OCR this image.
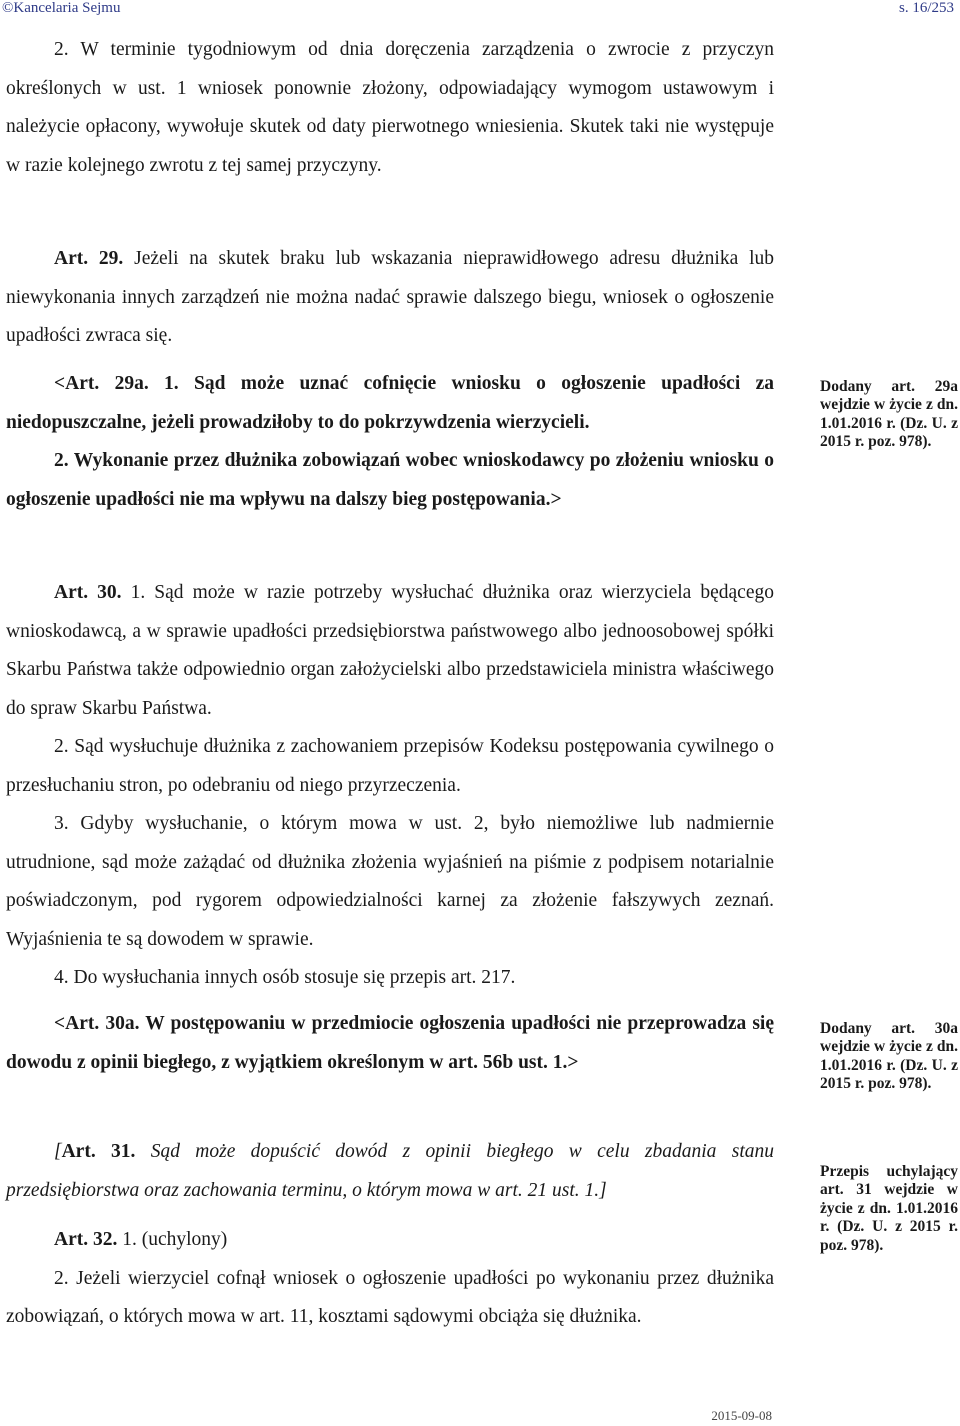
© Kancelaria Sejmu
s.	16/253

2. W terminie tygodniowym od dnia doręczenia zarządzenia o zwrocie z przyczyn określonych w ust. 1 wniosek ponownie złożony, odpowiadający wymogom ustawowym i należycie opłacony, wywołuje skutek od daty pierwotnego wniesienia. Skutek taki nie występuje w razie kolejnego zwrotu z tej samej przyczyny.

Art. 29. Jeżeli na skutek braku lub wskazania nieprawidłowego adresu dłużnika lub niewykonania innych zarządzeń nie można nadać sprawie dalszego biegu, wniosek o ogłoszenie upadłości zwraca się.

<Art. 29a. 1. Sąd może uznać cofnięcie wniosku o ogłoszenie upadłości za niedopuszczalne, jeżeli prowadziłoby to do pokrzywdzenia wierzycieli.

2. Wykonanie przez dłużnika zobowiązań wobec wnioskodawcy po złożeniu wniosku o ogłoszenie upadłości nie ma wpływu na dalszy bieg postępowania.>

Art. 30. 1. Sąd może w razie potrzeby wysłuchać dłużnika oraz wierzyciela będącego wnioskodawcą, a w sprawie upadłości przedsiębiorstwa państwowego albo jednoosobowej spółki Skarbu Państwa także odpowiednio organ założycielski albo przedstawiciela ministra właściwego do spraw Skarbu Państwa.

2. Sąd wysłuchuje dłużnika z zachowaniem przepisów Kodeksu postępowania cywilnego o przesłuchaniu stron, po odebraniu od niego przyrzeczenia.

3. Gdyby wysłuchanie, o którym mowa w ust. 2, było niemożliwe lub nadmiernie utrudnione, sąd może zażądać od dłużnika złożenia wyjaśnień na piśmie z podpisem notarialnie poświadczonym, pod rygorem odpowiedzialności karnej za złożenie fałszywych zeznań. Wyjaśnienia te są dowodem w sprawie.

4. Do wysłuchania innych osób stosuje się przepis art. 217.

<Art. 30a. W postępowaniu w przedmiocie ogłoszenia upadłości nie przeprowadza się dowodu z opinii biegłego, z wyjątkiem określonym w art. 56b ust. 1.>

[Art. 31. Sąd może dopuścić dowód z opinii biegłego w celu zbadania stanu przedsiębiorstwa oraz zachowania terminu, o którym mowa w art. 21 ust. 1.]

Art. 32. 1. (uchylony)

2. Jeżeli wierzyciel cofnął wniosek o ogłoszenie upadłości po wykonaniu przez dłużnika zobowiązań, o których mowa w art. 11, kosztami sądowymi obciąża się dłużnika.

Dodany art. 29a wejdzie w życie z dn. 1.01.2016 r. (Dz. U. z 2015 r. poz. 978).
Dodany art. 30a wejdzie w życie z dn. 1.01.2016 r. (Dz. U. z 2015 r. poz. 978).
Przepis uchylający art. 31 wejdzie w życie z dn. 1.01.2016 r. (Dz. U. z 2015 r. poz. 978).
2015-09-08
